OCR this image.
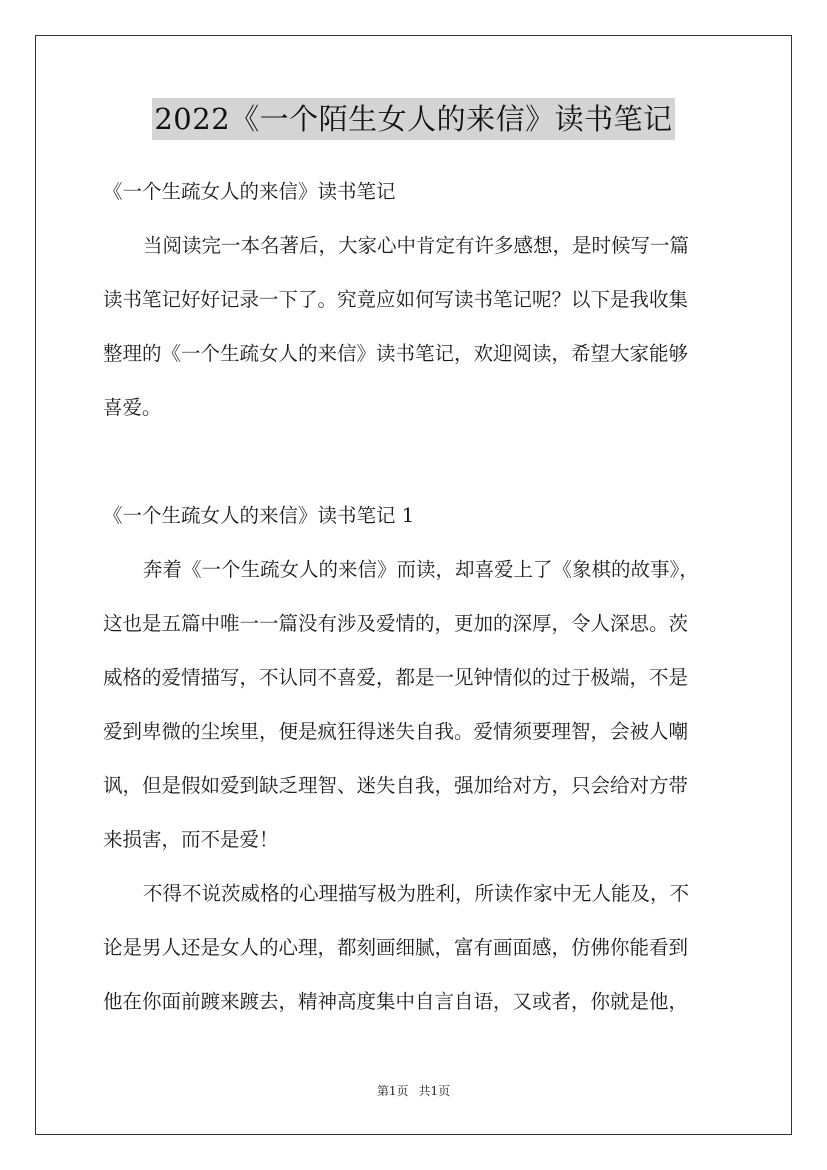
2022《一个陌生女人的来信》读书笔记
《一个生疏女人的来信》读书笔记
当阅读完一本名著后，大家心中肯定有许多感想，是时候写一篇
读书笔记好好记录一下了。究竟应如何写读书笔记呢？以下是我收集
整理的《一个生疏女人的来信》读书笔记，欢迎阅读，希望大家能够
喜爱。
《一个生疏女人的来信》读书笔记 1
奔着《一个生疏女人的来信》而读，却喜爱上了《象棋的故事》，
这也是五篇中唯一一篇没有涉及爱情的，更加的深厚，令人深思。茨
威格的爱情描写，不认同不喜爱，都是一见钟情似的过于极端，不是
爱到卑微的尘埃里，便是疯狂得迷失自我。爱情须要理智，会被人嘲
讽，但是假如爱到缺乏理智、迷失自我，强加给对方，只会给对方带
来损害，而不是爱！
不得不说茨威格的心理描写极为胜利，所读作家中无人能及，不
论是男人还是女人的心理，都刻画细腻，富有画面感，仿佛你能看到
他在你面前踱来踱去，精神高度集中自言自语，又或者，你就是他，
第1页 共1页
